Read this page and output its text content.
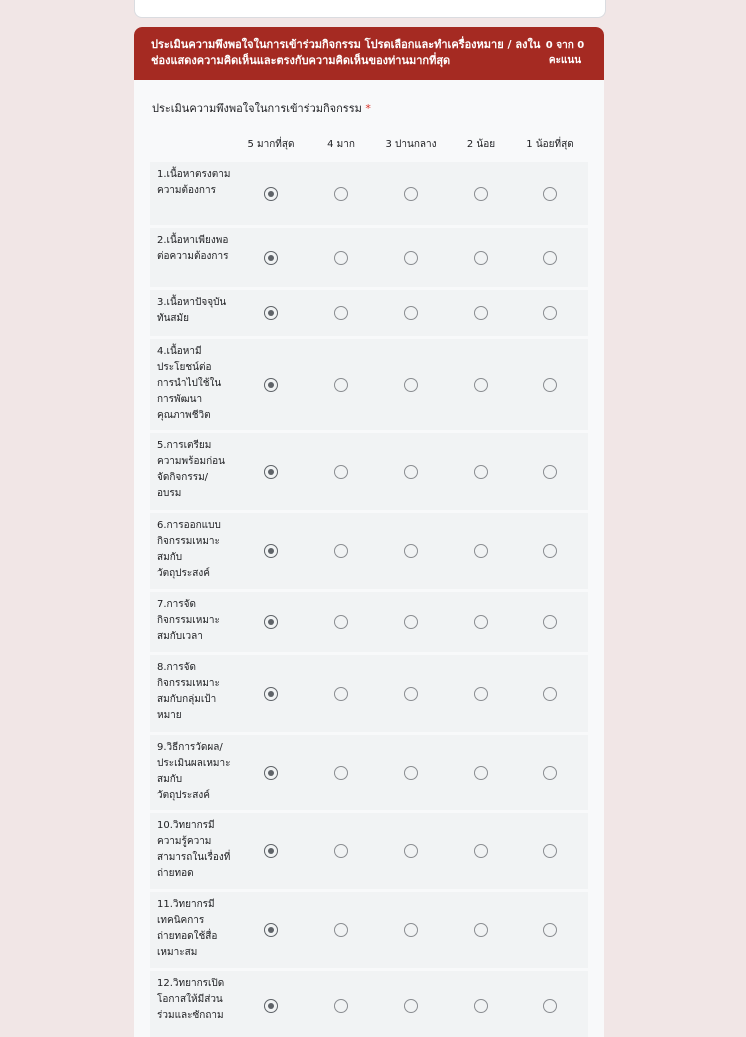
ประเมินความพึงพอใจในการเข้าร่วมกิจกรรม โปรดเลือกและทำเครื่องหมาย / ลงในช่องแสดงความคิดเห็นและตรงกับความคิดเห็นของท่านมากที่สุด
0 จาก 0 คะแนน
ประเมินความพึงพอใจในการเข้าร่วมกิจกรรม *
5 มากที่สุด	4 มาก	3 ปานกลาง	2 น้อย	1 น้อยที่สุด
1.เนื้อหาตรงตามความต้องการ
2.เนื้อหาเพียงพอต่อความต้องการ
3.เนื้อหาปัจจุบันทันสมัย
4.เนื้อหามีประโยชน์ต่อการนำไปใช้ในการพัฒนาคุณภาพชีวิต
5.การเตรียมความพร้อมก่อนจัดกิจกรรม/อบรม
6.การออกแบบกิจกรรมเหมาะสมกับวัตถุประสงค์
7.การจัดกิจกรรมเหมาะสมกับเวลา
8.การจัดกิจกรรมเหมาะสมกับกลุ่มเป้าหมาย
9.วิธีการวัดผล/ประเมินผลเหมาะสมกับวัตถุประสงค์
10.วิทยากรมีความรู้ความสามารถในเรื่องที่ถ่ายทอด
11.วิทยากรมีเทคนิคการถ่ายทอดใช้สื่อเหมาะสม
12.วิทยากรเปิดโอกาสให้มีส่วนร่วมและซักถาม
